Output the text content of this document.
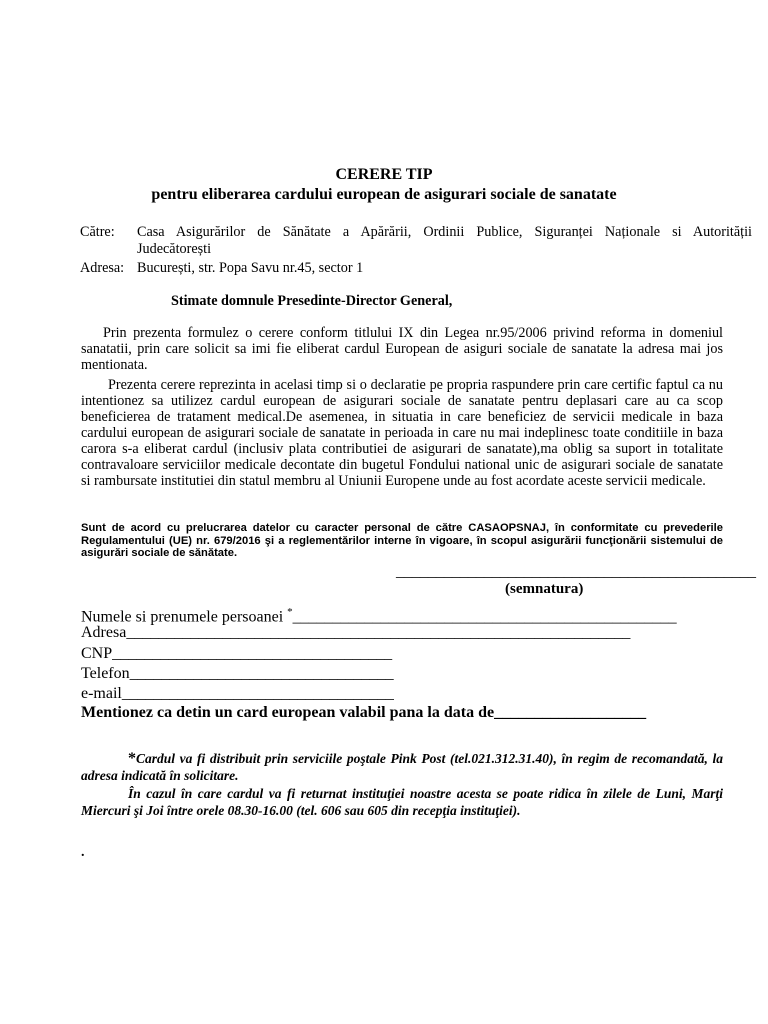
CERERE TIP
pentru eliberarea cardului european de asigurari sociale de sanatate
Către:	Casa Asigurărilor de Sănătate a Apărării, Ordinii Publice, Siguranței Naționale si Autorității
Judecătorești
Adresa: București, str. Popa Savu nr.45, sector 1
Stimate domnule Presedinte-Director General,
Prin prezenta formulez o cerere conform titlului IX din Legea nr.95/2006 privind reforma in domeniul sanatatii, prin care solicit sa imi fie eliberat cardul European de asiguri sociale de sanatate la adresa mai jos mentionata.
Prezenta cerere reprezinta in acelasi timp si o declaratie pe propria raspundere prin care certific faptul ca nu intentionez sa utilizez cardul european de asigurari sociale de sanatate pentru deplasari care au ca scop beneficierea de tratament medical.De asemenea, in situatia in care beneficiez de servicii medicale in baza cardului european de asigurari sociale de sanatate in perioada in care nu mai indeplinesc toate conditiile in baza carora s-a eliberat cardul (inclusiv plata contributiei de asigurari de sanatate),ma oblig sa suport in totalitate contravaloare serviciilor medicale decontate din bugetul Fondului national unic de asigurari sociale de sanatate si rambursate institutiei din statul membru al Uniunii Europene unde au fost acordate aceste servicii medicale.
Sunt de acord cu prelucrarea datelor cu caracter personal de către CASAOPSNAJ, în conformitate cu prevederile Regulamentului (UE) nr. 679/2016 şi a reglementărilor interne în vigoare, în scopul asigurării funcţionării sistemului de asigurări sociale de sănătate.
_____________________________________________
(semnatura)
Numele si prenumele persoanei *________________________________________________
Adresa_______________________________________________________________
CNP___________________________________
Telefon_________________________________
e-mail__________________________________
Mentionez ca detin un card european valabil pana la data de___________________
*Cardul va fi distribuit prin serviciile poştale Pink Post (tel.021.312.31.40), în regim de recomandată, la adresa indicată în solicitare.
În cazul în care cardul va fi returnat instituţiei noastre acesta se poate ridica în zilele de Luni, Marţi Miercuri şi Joi între orele 08.30-16.00 (tel. 606 sau 605 din recepţia instituţiei).
.
